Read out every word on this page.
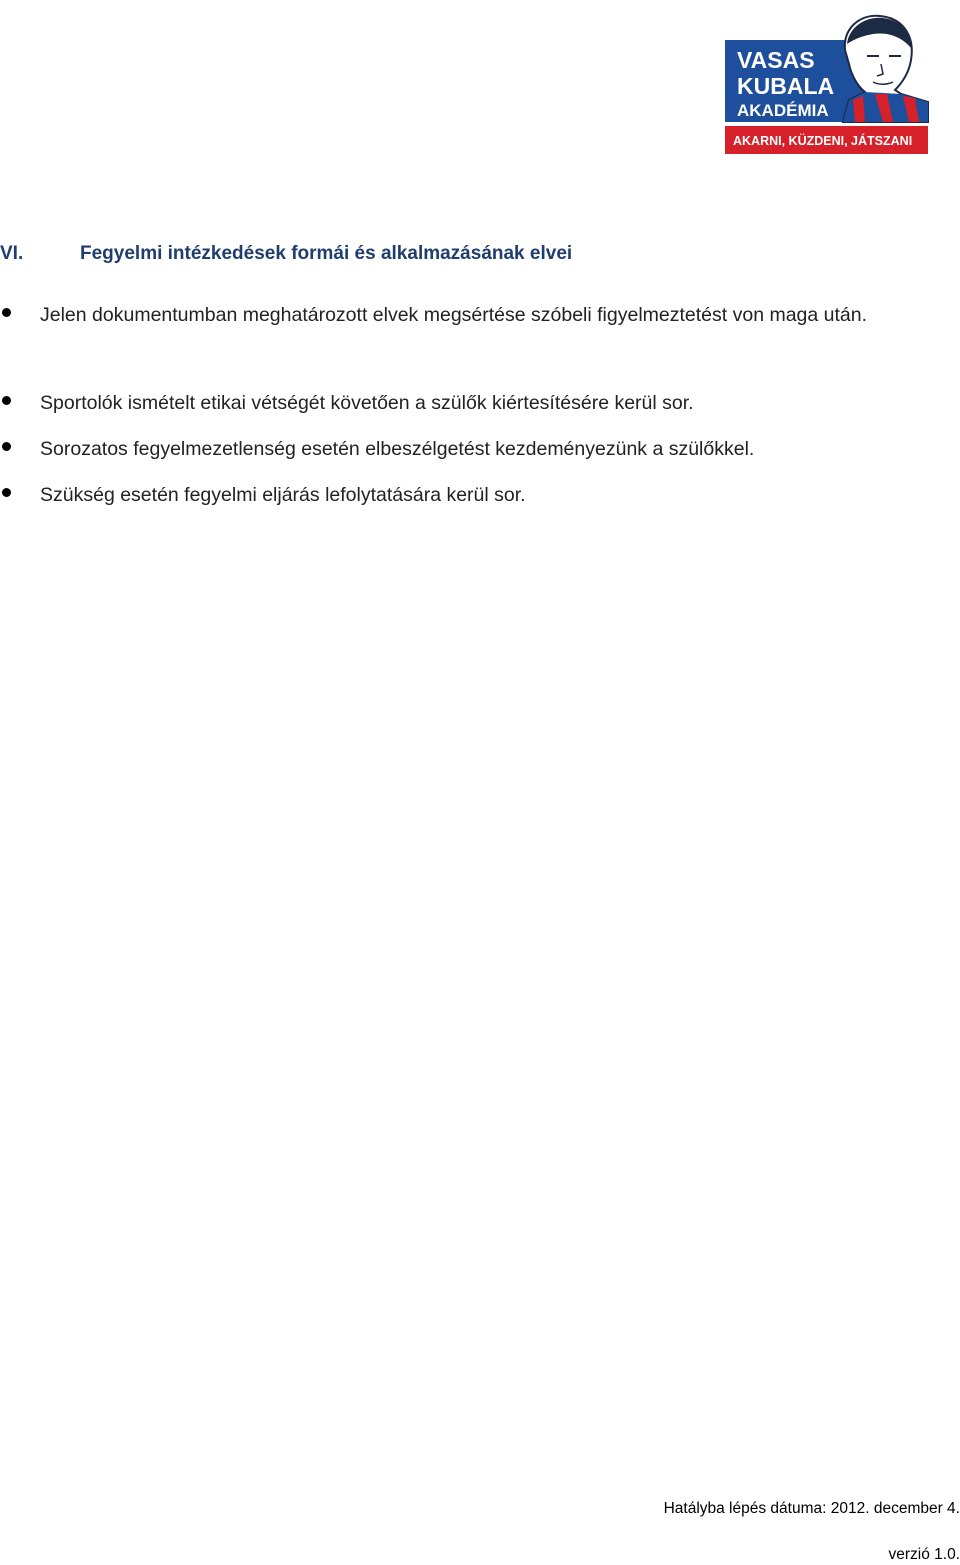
VASAS
KUBALA
AKADÉMIA
AKARNI, KÜZDENI, JÁTSZANI
VI.	Fegyelmi intézkedések formái és alkalmazásának elvei
Jelen dokumentumban meghatározott elvek megsértése szóbeli figyelmeztetést von maga után.
Sportolók ismételt etikai vétségét követően a szülők kiértesítésére kerül sor.
Sorozatos fegyelmezetlenség esetén elbeszélgetést kezdeményezünk a szülőkkel.
Szükség esetén fegyelmi eljárás lefolytatására kerül sor.
Hatályba lépés dátuma: 2012. december 4.
verzió 1.0.
